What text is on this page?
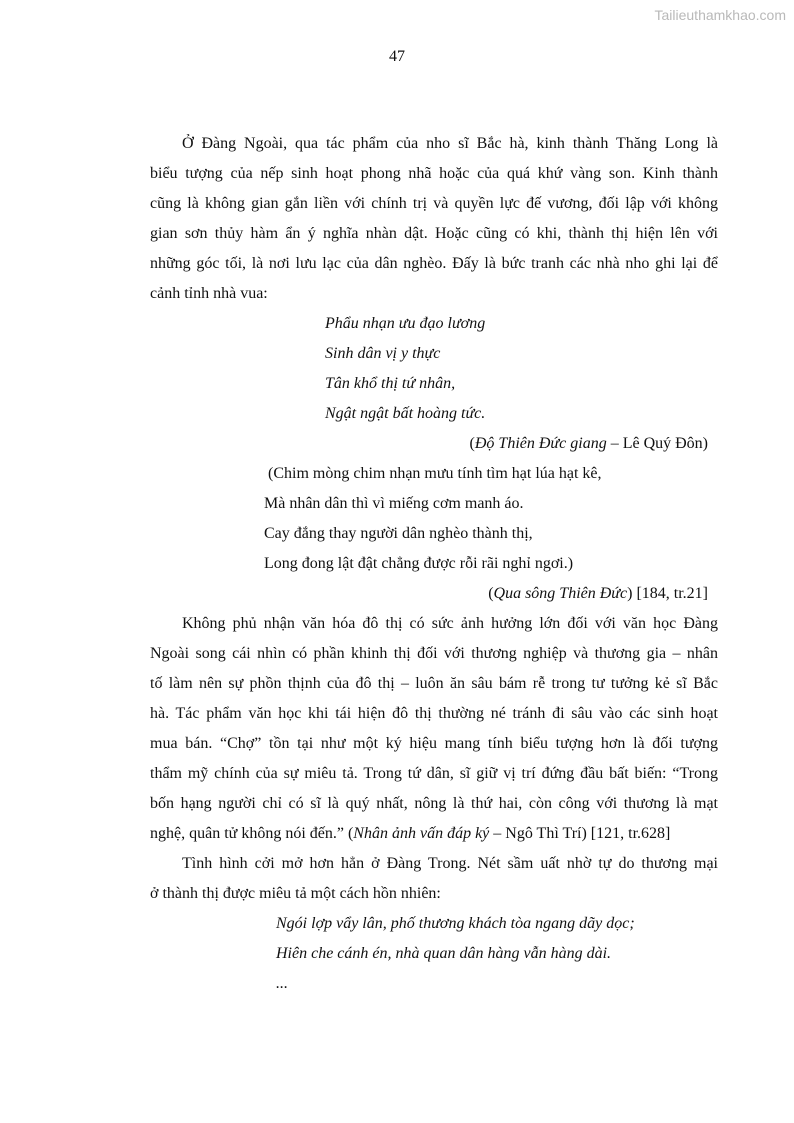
Tailieuthamkhao.com
47
Ở Đàng Ngoài, qua tác phẩm của nho sĩ Bắc hà, kinh thành Thăng Long là
biểu tượng của nếp sinh hoạt phong nhã hoặc của quá khứ vàng son. Kinh thành
cũng là không gian gắn liền với chính trị và quyền lực đế vương, đối lập với không
gian sơn thủy hàm ẩn ý nghĩa nhàn dật. Hoặc cũng có khi, thành thị hiện lên với
những góc tối, là nơi lưu lạc của dân nghèo. Đấy là bức tranh các nhà nho ghi lại để
cảnh tỉnh nhà vua:
Phẩu nhạn ưu đạo lương
Sinh dân vị y thực
Tân khổ thị tứ nhân,
Ngật ngật bất hoàng tức.
(Độ Thiên Đức giang – Lê Quý Đôn)
(Chim mòng chim nhạn mưu tính tìm hạt lúa hạt kê,
Mà nhân dân thì vì miếng cơm manh áo.
Cay đắng thay người dân nghèo thành thị,
Long đong lật đật chẳng được rỗi rãi nghỉ ngơi.)
(Qua sông Thiên Đức) [184, tr.21]
Không phủ nhận văn hóa đô thị có sức ảnh hưởng lớn đối với văn học Đàng
Ngoài song cái nhìn có phần khinh thị đối với thương nghiệp và thương gia – nhân
tố làm nên sự phồn thịnh của đô thị – luôn ăn sâu bám rễ trong tư tưởng kẻ sĩ Bắc
hà. Tác phẩm văn học khi tái hiện đô thị thường né tránh đi sâu vào các sinh hoạt
mua bán. “Chợ” tồn tại như một ký hiệu mang tính biểu tượng hơn là đối tượng
thẩm mỹ chính của sự miêu tả. Trong tứ dân, sĩ giữ vị trí đứng đầu bất biến: “Trong
bốn hạng người chỉ có sĩ là quý nhất, nông là thứ hai, còn công với thương là mạt
nghệ, quân tử không nói đến.” (Nhân ảnh vấn đáp ký – Ngô Thì Trí) [121, tr.628]
Tình hình cởi mở hơn hẳn ở Đàng Trong. Nét sầm uất nhờ tự do thương mại
ở thành thị được miêu tả một cách hồn nhiên:
Ngói lợp vẩy lân, phố thương khách tòa ngang dãy dọc;
Hiên che cánh én, nhà quan dân hàng vẫn hàng dài.
...
